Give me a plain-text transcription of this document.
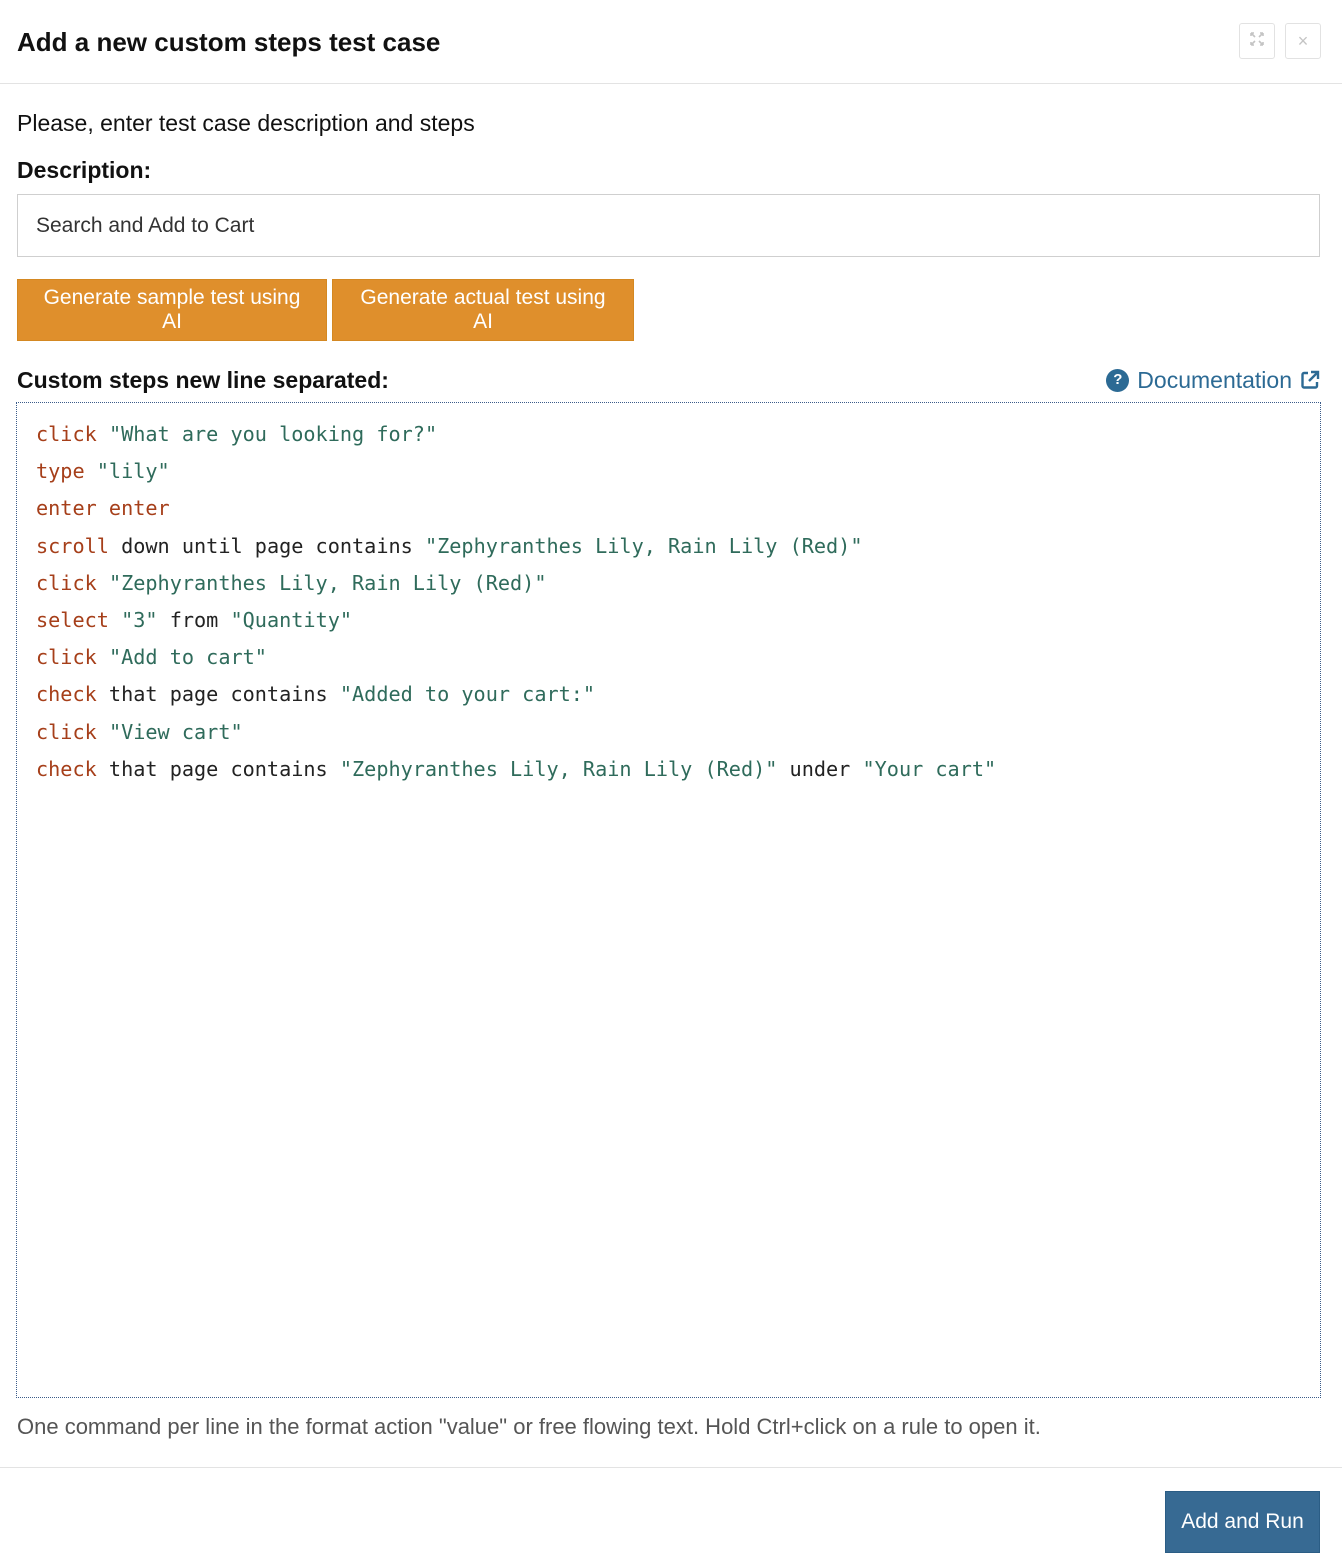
Add a new custom steps test case	×
Please, enter test case description and steps
Description:
Search and Add to Cart
Generate sample test using AI
Generate actual test using AI
Custom steps new line separated:	? Documentation
click "What are you looking for?"
type "lily"
enter enter
scroll down until page contains "Zephyranthes Lily, Rain Lily (Red)"
click "Zephyranthes Lily, Rain Lily (Red)"
select "3" from "Quantity"
click "Add to cart"
check that page contains "Added to your cart:"
click "View cart"
check that page contains "Zephyranthes Lily, Rain Lily (Red)" under "Your cart"
One command per line in the format action "value" or free flowing text. Hold Ctrl+click on a rule to open it.
Add and Run
